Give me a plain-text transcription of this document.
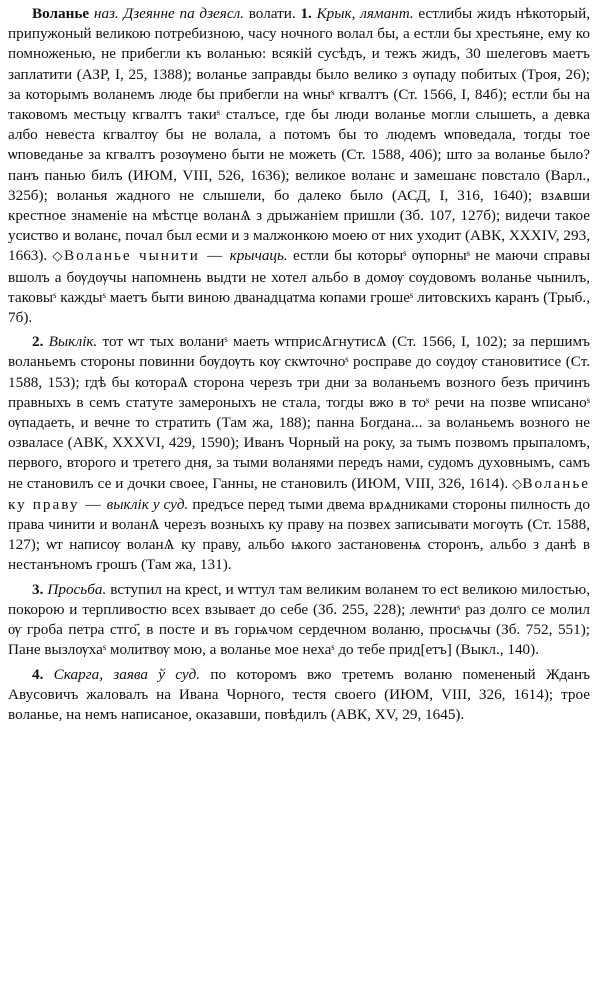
Воланье наз. Дзеянне па дзеясл. волати. 1. Крык, лямант. естлибы жидъ нѣкоторый, припужоный великою потребизною, часу ночного волал бы, а естли бы хрестьяне, ему ко помноженью, не прибегли къ воланью: всякій сусѣдъ, и тежъ жидъ, 30 шелеговъ маетъ заплатити (АЗР, I, 25, 1388); воланье заправды было велико з ѹпаду побитых (Троя, 26); за которымъ воланемъ люде бы прибегли на ѡныˢ кгвалтъ (Ст. 1566, I, 84б); естли бы на таковомъ местьцу кгвалтъ такиˢ сталъсе, где бы люди воланье могли слышеть, а девка албо невеста кгвалтѹ бы не волала, а потомъ бы то людемъ ѡповедала, тогды тое ѡповеданье за кгвалтъ розѹмено быти не можеть (Ст. 1588, 406); што за воланье было? панъ панью билъ (ИЮМ, VIII, 526, 1636); великое воланє и замешанє повстало (Варл., 325б); воланья жадного не слышели, бо далеко было (АСД, I, 316, 1640); взѧвши крестное знаменіе на мѣстце воланѦ з дрыжанiем пришли (Зб. 107, 127б); видечи такое усиство и воланє, почал был есми и з малжонкою моею от них уходит (АВК, XXXIV, 293, 1663). ◇Воланье чынити — крычаць. естли бы которыˢ ѹпорныˢ не маючи справы вшолъ а бѹдѹчы напомнень выдти не хотел альбо в домѹ сѹдовомъ воланье чынилъ, таковыˢ каждыˢ маетъ быти виною дванадцатма копами грошеˢ литовскихъ каранъ (Трыб., 7б).

2. Выклік. тот ѡт тых воланиˢ маеть ѡтприсѦгнутисѦ (Ст. 1566, I, 102); за першимъ воланьемъ стороны повинни бѹдѹть кѹ скѡточноˢ росправе до сѹдѹ становитисе (Ст. 1588, 153); гдѣ бы котораѦ сторона черезъ три дни за воланьемъ возного безъ причинъ правныхъ в семъ статуте замероныхъ не стала, тогды вжо в тоˢ речи на позве ѡписаноˢ ѹпадаеть, и вечне то стратить (Там жа, 188); панна Богдана... за воланьемъ возного не озваласе (АВК, XXXVI, 429, 1590); Иванъ Чорный на року, за тымъ позвомъ прыпаломъ, первого, второго и третего дня, за тыми воланями передъ нами, судомъ духовнымъ, самъ не становилъ се и дочки своее, Ганны, не становилъ (ИЮМ, VIII, 326, 1614). ◇Воланье ку праву — выклік у суд. предъсе перед тыми двема врѧдниками стороны пилность до права чинити и воланѦ черезъ возныхъ ку праву на позвеx записывати могѹть (Ст. 1588, 127); ѡт напиcѹ воланѦ ку праву, альбо ѩкого застановенѩ сторонъ, альбо з данѣ в нестанъномъ грошъ (Там жа, 131).

3. Просьба. вступил на кресt, и ѡттул там великим воланем то есt великою милостью, покорою и терпливостю всеx взывает до себе (Зб. 255, 228); леѡнтиˢ раз долго се молил ѹ гроба петра стго҃, в посте и въ горѩчом сердечном воланю, просѩчы (Зб. 752, 551); Пане вызлѹхаˢ молитвѹ мою, а воланье мое нехаˢ до тебе прид[етъ] (Выкл., 140).

4. Скарга, заява ў суд. по которомъ вжо третемъ воланю помененый Жданъ Авусовичъ жаловалъ на Ивана Чорного, тестя своего (ИЮМ, VIII, 326, 1614); трое воланье, на немъ написаное, оказавши, повѣдилъ (АВК, XV, 29, 1645).
